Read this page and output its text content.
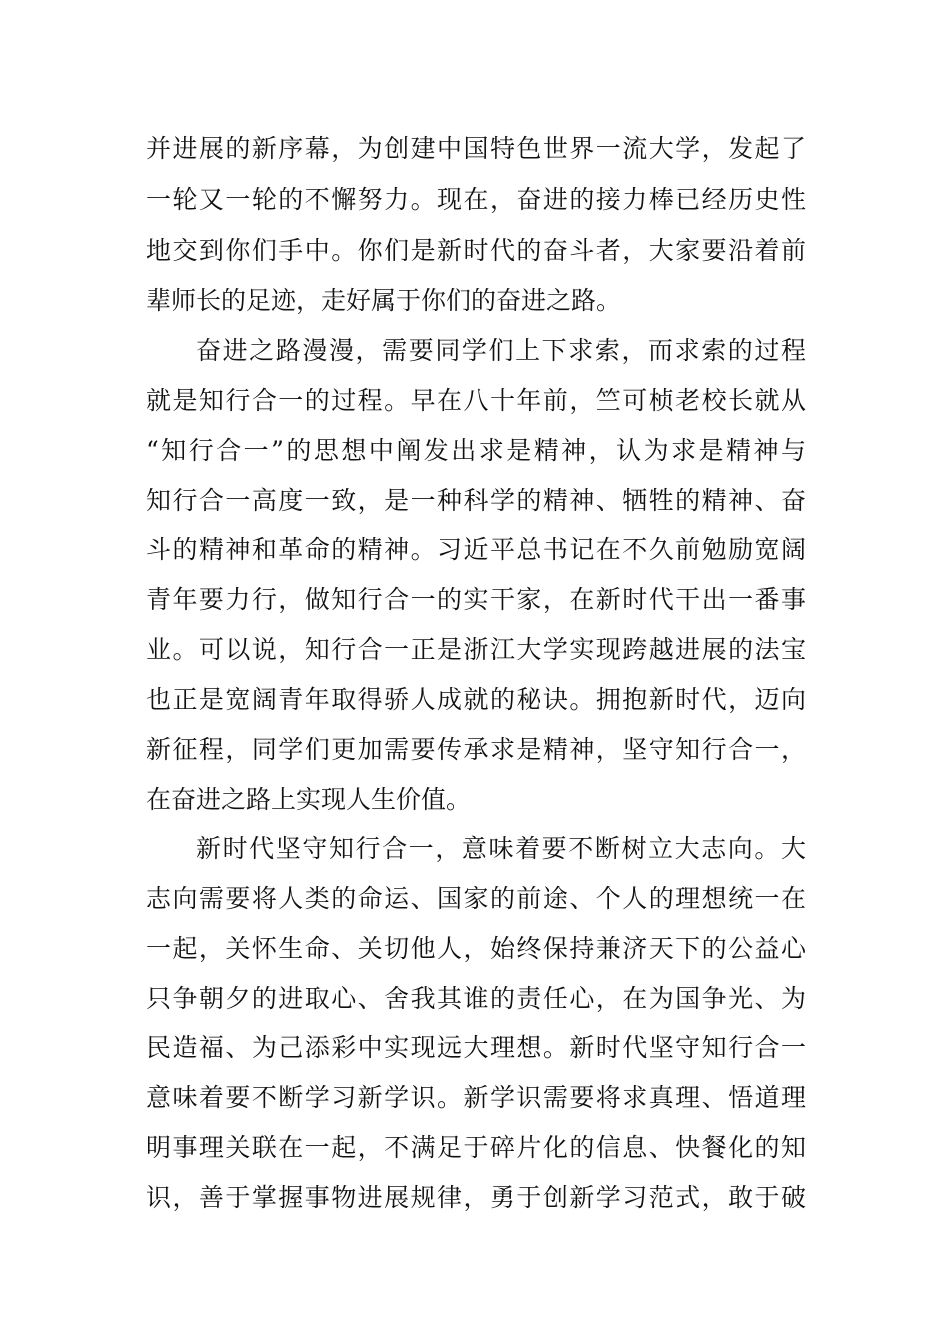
并进展的新序幕，为创建中国特色世界一流大学，发起了
一轮又一轮的不懈努力。现在，奋进的接力棒已经历史性
地交到你们手中。你们是新时代的奋斗者，大家要沿着前
辈师长的足迹，走好属于你们的奋进之路。
奋进之路漫漫，需要同学们上下求索，而求索的过程
就是知行合一的过程。早在八十年前，竺可桢老校长就从
“知行合一”的思想中阐发出求是精神，认为求是精神与
知行合一高度一致，是一种科学的精神、牺牲的精神、奋
斗的精神和革命的精神。习近平总书记在不久前勉励宽阔
青年要力行，做知行合一的实干家，在新时代干出一番事
业。可以说，知行合一正是浙江大学实现跨越进展的法宝
也正是宽阔青年取得骄人成就的秘诀。拥抱新时代，迈向
新征程，同学们更加需要传承求是精神，坚守知行合一，
在奋进之路上实现人生价值。
新时代坚守知行合一，意味着要不断树立大志向。大
志向需要将人类的命运、国家的前途、个人的理想统一在
一起，关怀生命、关切他人，始终保持兼济天下的公益心
只争朝夕的进取心、舍我其谁的责任心，在为国争光、为
民造福、为己添彩中实现远大理想。新时代坚守知行合一
意味着要不断学习新学识。新学识需要将求真理、悟道理
明事理关联在一起，不满足于碎片化的信息、快餐化的知
识，善于掌握事物进展规律，勇于创新学习范式，敢于破
